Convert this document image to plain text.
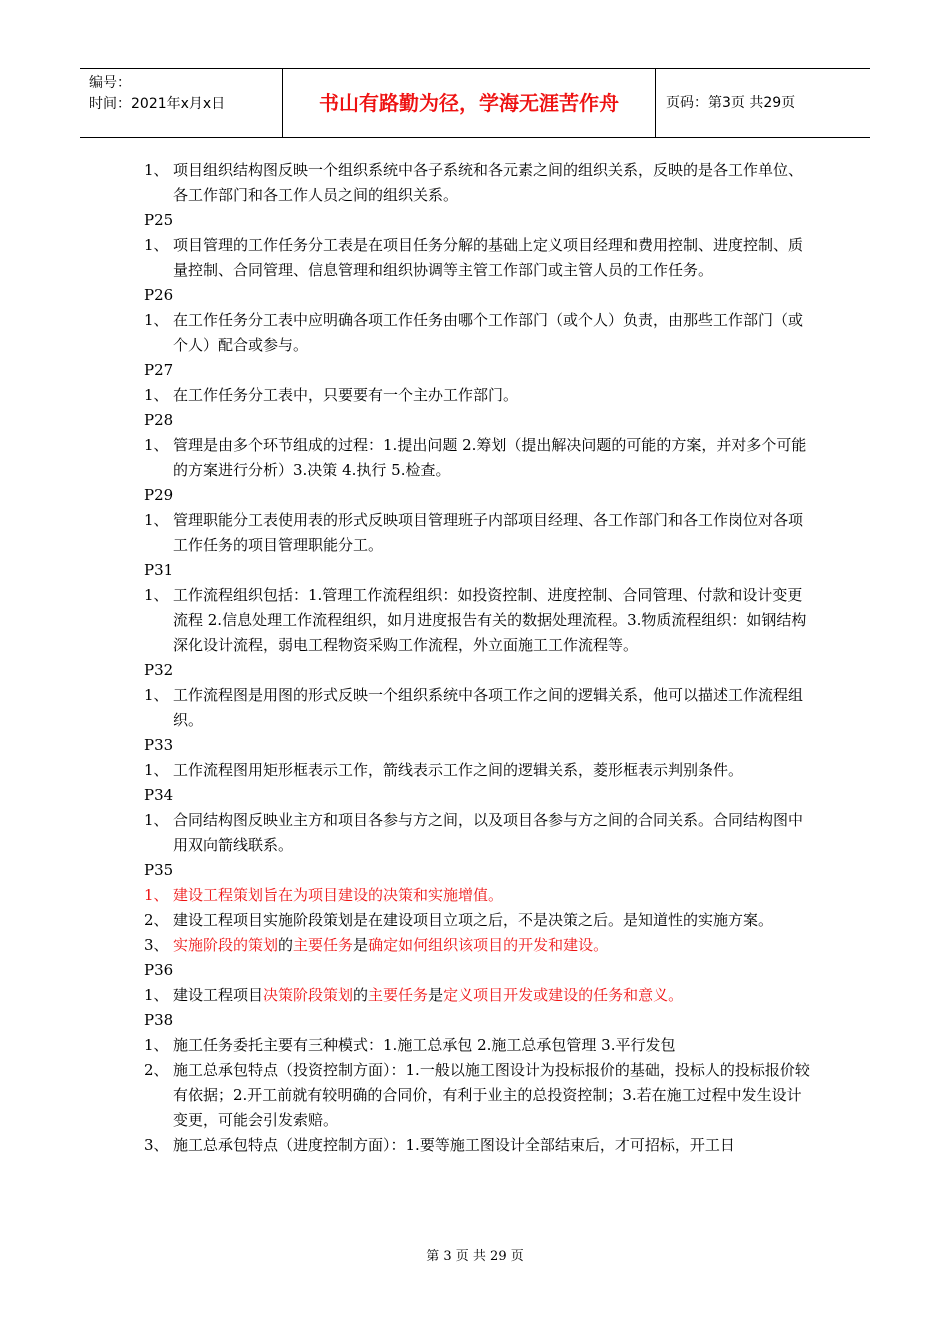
编号：
时间：2021年x月x日	书山有路勤为径，学海无涯苦作舟	页码：第3页 共29页
1、 项目组织结构图反映一个组织系统中各子系统和各元素之间的组织关系，反映的是各工作单位、各工作部门和各工作人员之间的组织关系。
P25
1、 项目管理的工作任务分工表是在项目任务分解的基础上定义项目经理和费用控制、进度控制、质量控制、合同管理、信息管理和组织协调等主管工作部门或主管人员的工作任务。
P26
1、 在工作任务分工表中应明确各项工作任务由哪个工作部门（或个人）负责，由那些工作部门（或个人）配合或参与。
P27
1、 在工作任务分工表中，只要要有一个主办工作部门。
P28
1、 管理是由多个环节组成的过程：1.提出问题 2.筹划（提出解决问题的可能的方案，并对多个可能的方案进行分析）3.决策 4.执行 5.检查。
P29
1、 管理职能分工表使用表的形式反映项目管理班子内部项目经理、各工作部门和各工作岗位对各项工作任务的项目管理职能分工。
P31
1、 工作流程组织包括：1.管理工作流程组织：如投资控制、进度控制、合同管理、付款和设计变更流程 2.信息处理工作流程组织，如月进度报告有关的数据处理流程。3.物质流程组织：如钢结构深化设计流程，弱电工程物资采购工作流程，外立面施工工作流程等。
P32
1、 工作流程图是用图的形式反映一个组织系统中各项工作之间的逻辑关系，他可以描述工作流程组织。
P33
1、 工作流程图用矩形框表示工作，箭线表示工作之间的逻辑关系，菱形框表示判别条件。
P34
1、 合同结构图反映业主方和项目各参与方之间，以及项目各参与方之间的合同关系。合同结构图中用双向箭线联系。
P35
1、 建设工程策划旨在为项目建设的决策和实施增值。
2、 建设工程项目实施阶段策划是在建设项目立项之后，不是决策之后。是知道性的实施方案。
3、 实施阶段的策划的主要任务是确定如何组织该项目的开发和建设。
P36
1、 建设工程项目决策阶段策划的主要任务是定义项目开发或建设的任务和意义。
P38
1、 施工任务委托主要有三种模式：1.施工总承包 2.施工总承包管理 3.平行发包
2、 施工总承包特点（投资控制方面）：1.一般以施工图设计为投标报价的基础，投标人的投标报价较有依据；2.开工前就有较明确的合同价，有利于业主的总投资控制；3.若在施工过程中发生设计变更，可能会引发索赔。
3、 施工总承包特点（进度控制方面）：1.要等施工图设计全部结束后，才可招标，开工日
第 3 页 共 29 页
